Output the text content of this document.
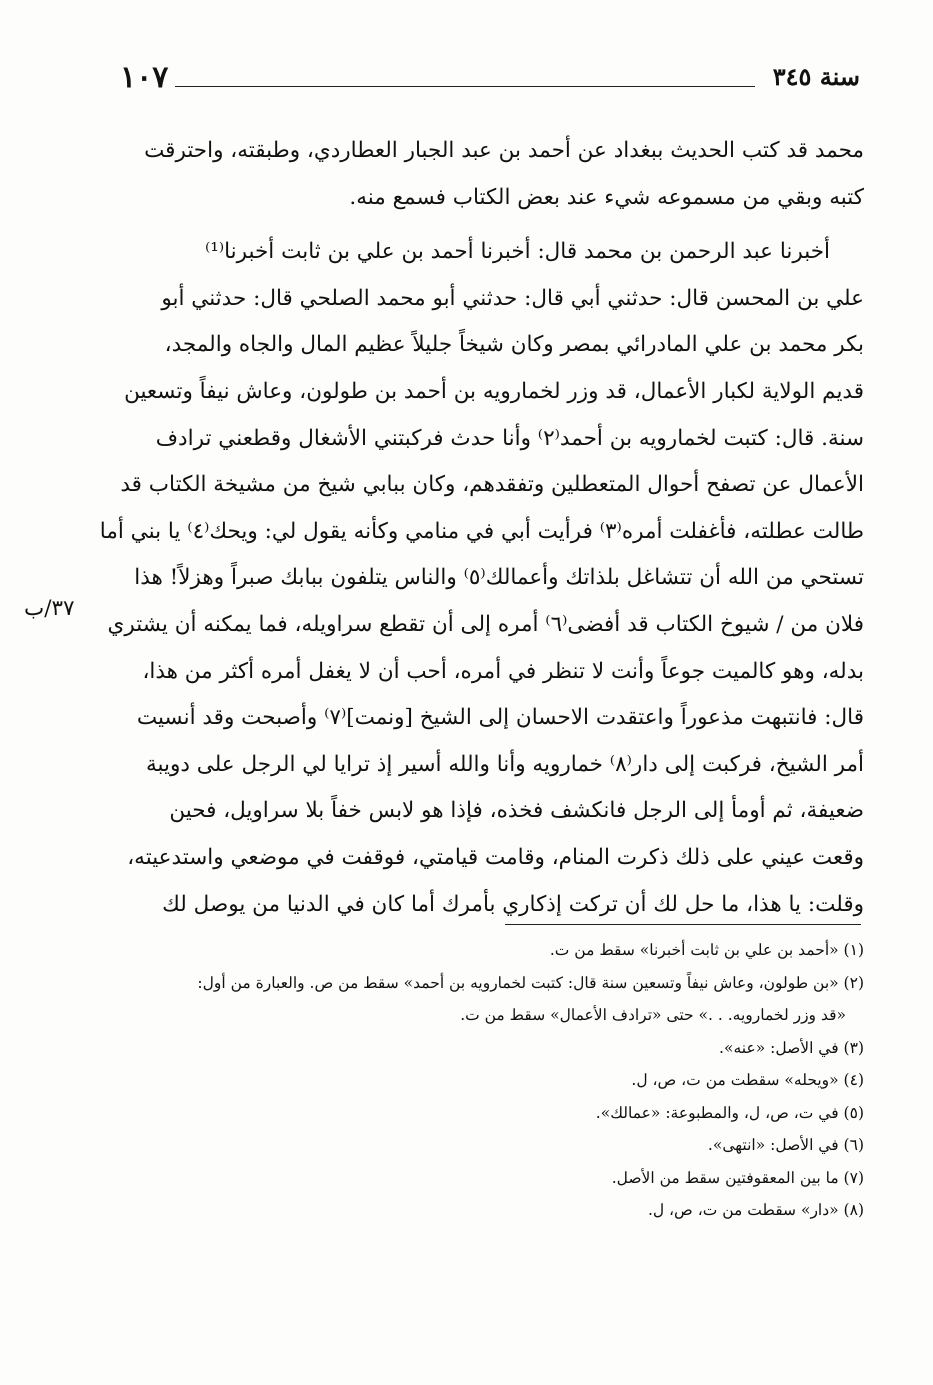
١٠٧	سنة ٣٤٥
محمد قد كتب الحديث ببغداد عن أحمد بن عبد الجبار العطاردي، وطبقته، واحترقت
كتبه وبقي من مسموعه شيء عند بعض الكتاب فسمع منه.
أخبرنا عبد الرحمن بن محمد قال: أخبرنا أحمد بن علي بن ثابت أخبرنا⁽¹⁾
علي بن المحسن قال: حدثني أبي قال: حدثني أبو محمد الصلحي قال: حدثني أبو
بكر محمد بن علي المادرائي بمصر وكان شيخاً جليلاً عظيم المال والجاه والمجد،
قديم الولاية لكبار الأعمال، قد وزر لخمارويه بن أحمد بن طولون، وعاش نيفاً وتسعين
سنة. قال: كتبت لخمارويه بن أحمد⁽٢⁾ وأنا حدث فركبتني الأشغال وقطعني ترادف
الأعمال عن تصفح أحوال المتعطلين وتفقدهم، وكان ببابي شيخ من مشيخة الكتاب قد
طالت عطلته، فأغفلت أمره⁽٣⁾ فرأيت أبي في منامي وكأنه يقول لي: ويحك⁽٤⁾ يا بني أما
تستحي من الله أن تتشاغل بلذاتك وأعمالك⁽٥⁾ والناس يتلفون ببابك صبراً وهزلاً! هذا
فلان من / شيوخ الكتاب قد أفضى⁽٦⁾ أمره إلى أن تقطع سراويله، فما يمكنه أن يشتري
بدله، وهو كالميت جوعاً وأنت لا تنظر في أمره، أحب أن لا يغفل أمره أكثر من هذا،
قال: فانتبهت مذعوراً واعتقدت الاحسان إلى الشيخ [ونمت]⁽٧⁾ وأصبحت وقد أنسيت
أمر الشيخ، فركبت إلى دار⁽٨⁾ خمارويه وأنا والله أسير إذ ترايا لي الرجل على دويبة
ضعيفة، ثم أومأ إلى الرجل فانكشف فخذه، فإذا هو لابس خفاً بلا سراويل، فحين
وقعت عيني على ذلك ذكرت المنام، وقامت قيامتي، فوقفت في موضعي واستدعيته،
وقلت: يا هذا، ما حل لك أن تركت إذكاري بأمرك أما كان في الدنيا من يوصل لك
٣٧/ب
(١) «أحمد بن علي بن ثابت أخبرنا» سقط من ت.
(٢) «بن طولون، وعاش نيفاً وتسعين سنة قال: كتبت لخمارويه بن أحمد» سقط من ص. والعبارة من أول:
«قد وزر لخمارويه. . .» حتى «ترادف الأعمال» سقط من ت.
(٣) في الأصل: «عنه».
(٤) «ويحله» سقطت من ت، ص، ل.
(٥) في ت، ص، ل، والمطبوعة: «عمالك».
(٦) في الأصل: «انتهى».
(٧) ما بين المعقوفتين سقط من الأصل.
(٨) «دار» سقطت من ت، ص، ل.
